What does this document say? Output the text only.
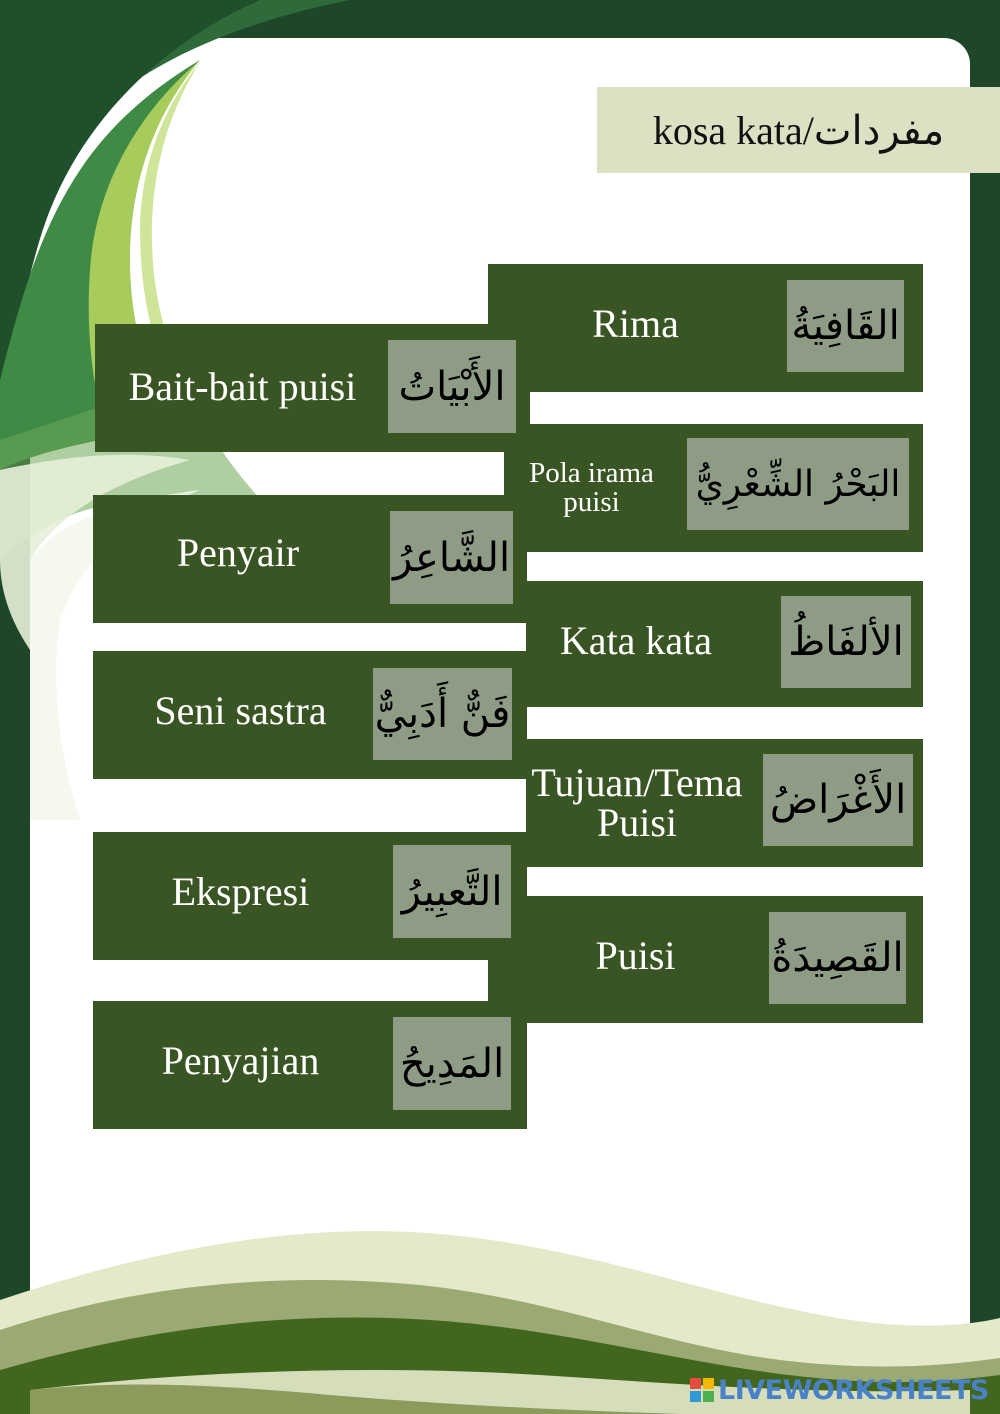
kosa kata/مفردات
Rima	القَافِيَةُ
Pola irama puisi	البَحْرُ الشِّعْرِيُّ
Kata kata	الألفَاظُ
Tujuan/Tema Puisi	الأَغْرَاضُ
Puisi	القَصِيدَةُ
Bait-bait puisi	الأَبْيَاتُ
Penyair	الشَّاعِرُ
Seni sastra	فَنٌّ أَدَبِيٌّ
Ekspresi	التَّعبِيرُ
Penyajian	المَدِيحُ
LIVEWORKSHEETS
